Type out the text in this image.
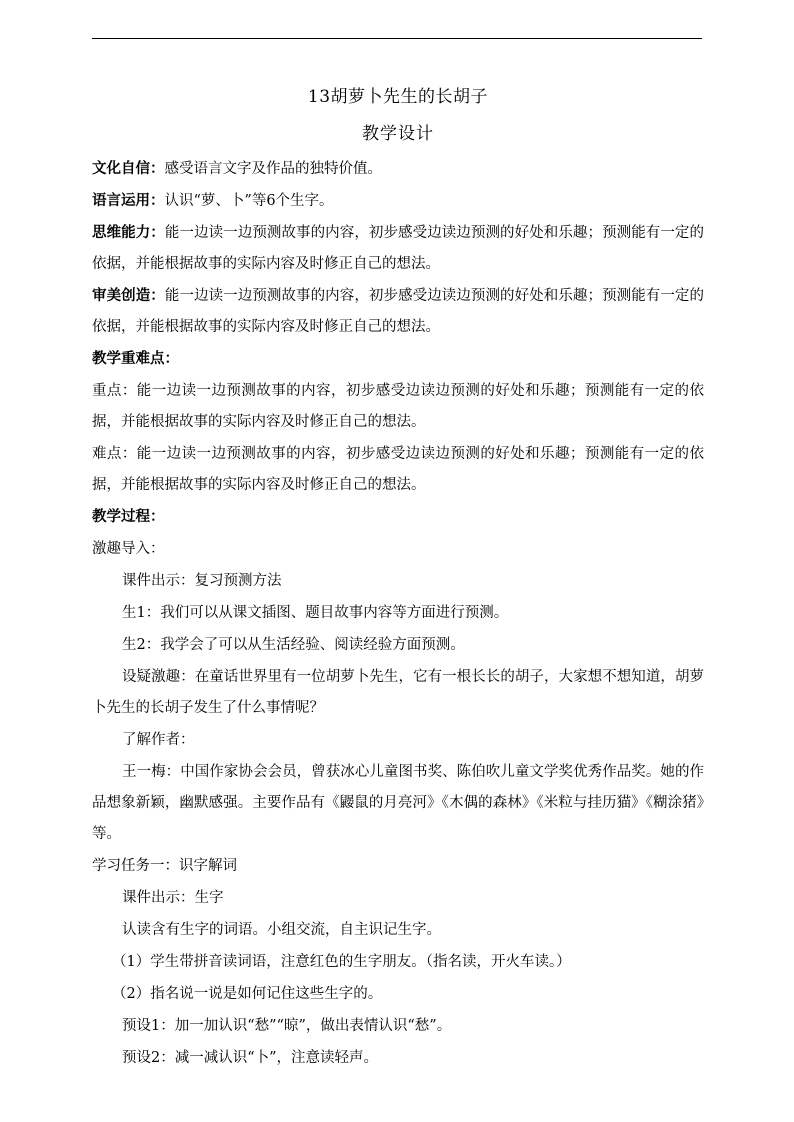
13胡萝卜先生的长胡子

教学设计

文化自信：感受语言文字及作品的独特价值。

语言运用：认识“萝、卜”等6个生字。

思维能力：能一边读一边预测故事的内容，初步感受边读边预测的好处和乐趣；预测能有一定的依据，并能根据故事的实际内容及时修正自己的想法。

审美创造：能一边读一边预测故事的内容，初步感受边读边预测的好处和乐趣；预测能有一定的依据，并能根据故事的实际内容及时修正自己的想法。

教学重难点：

重点：能一边读一边预测故事的内容，初步感受边读边预测的好处和乐趣；预测能有一定的依据，并能根据故事的实际内容及时修正自己的想法。

难点：能一边读一边预测故事的内容，初步感受边读边预测的好处和乐趣；预测能有一定的依据，并能根据故事的实际内容及时修正自己的想法。

教学过程：

激趣导入：

课件出示：复习预测方法

生1：我们可以从课文插图、题目故事内容等方面进行预测。

生2：我学会了可以从生活经验、阅读经验方面预测。

设疑激趣：在童话世界里有一位胡萝卜先生，它有一根长长的胡子，大家想不想知道，胡萝卜先生的长胡子发生了什么事情呢？

了解作者：

王一梅：中国作家协会会员，曾获冰心儿童图书奖、陈伯吹儿童文学奖优秀作品奖。她的作品想象新颖，幽默感强。主要作品有《鼹鼠的月亮河》《木偶的森林》《米粒与挂历猫》《糊涂猪》等。

学习任务一：识字解词

课件出示：生字

认读含有生字的词语。小组交流，自主识记生字。

（1）学生带拼音读词语，注意红色的生字朋友。（指名读，开火车读。）

（2）指名说一说是如何记住这些生字的。

预设1：加一加认识“愁”“晾”，做出表情认识“愁”。

预设2：减一减认识“卜”，注意读轻声。
